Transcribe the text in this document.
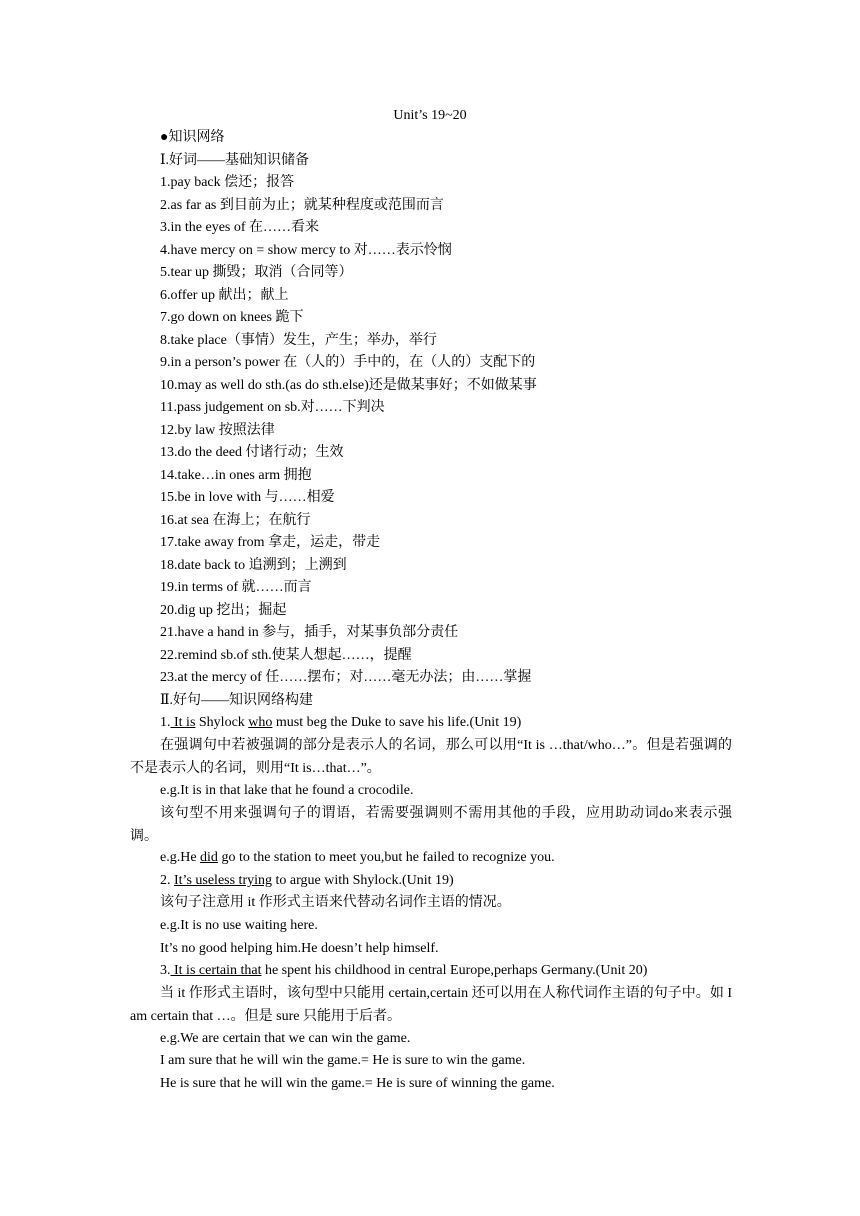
Unit’s 19~20
●知识网络
Ⅰ.好词——基础知识储备
1.pay back 偿还；报答
2.as far as 到目前为止；就某种程度或范围而言
3.in the eyes of 在……看来
4.have mercy on = show mercy to 对……表示怜悯
5.tear up 撕毁；取消（合同等）
6.offer up 献出；献上
7.go down on knees 跪下
8.take place（事情）发生，产生；举办，举行
9.in a person’s power 在（人的）手中的，在（人的）支配下的
10.may as well do sth.(as do sth.else)还是做某事好；不如做某事
11.pass judgement on sb.对……下判决
12.by law 按照法律
13.do the deed 付诸行动；生效
14.take…in ones arm 拥抱
15.be in love with 与……相爱
16.at sea 在海上；在航行
17.take away from 拿走，运走，带走
18.date back to 追溯到；上溯到
19.in terms of 就……而言
20.dig up 挖出；掘起
21.have a hand in 参与，插手，对某事负部分责任
22.remind sb.of sth.使某人想起……，提醒
23.at the mercy of 任……摆布；对……毫无办法；由……掌握
Ⅱ.好句——知识网络构建
1. It is Shylock who must beg the Duke to save his life.(Unit 19)
在强调句中若被强调的部分是表示人的名词，那么可以用“It is …that/who…”。但是若强调的不是表示人的名词，则用“It is…that…”。
e.g.It is in that lake that he found a crocodile.
该句型不用来强调句子的谓语，若需要强调则不需用其他的手段，应用助动词do来表示强调。
e.g.He did go to the station to meet you,but he failed to recognize you.
2. It’s useless trying to argue with Shylock.(Unit 19)
该句子注意用 it 作形式主语来代替动名词作主语的情况。
e.g.It is no use waiting here.
It’s no good helping him.He doesn’t help himself.
3. It is certain that he spent his childhood in central Europe,perhaps Germany.(Unit 20)
当 it 作形式主语时，该句型中只能用 certain,certain 还可以用在人称代词作主语的句子中。如 I am certain that …。但是 sure 只能用于后者。
e.g.We are certain that we can win the game.
I am sure that he will win the game.= He is sure to win the game.
He is sure that he will win the game.= He is sure of winning the game.
